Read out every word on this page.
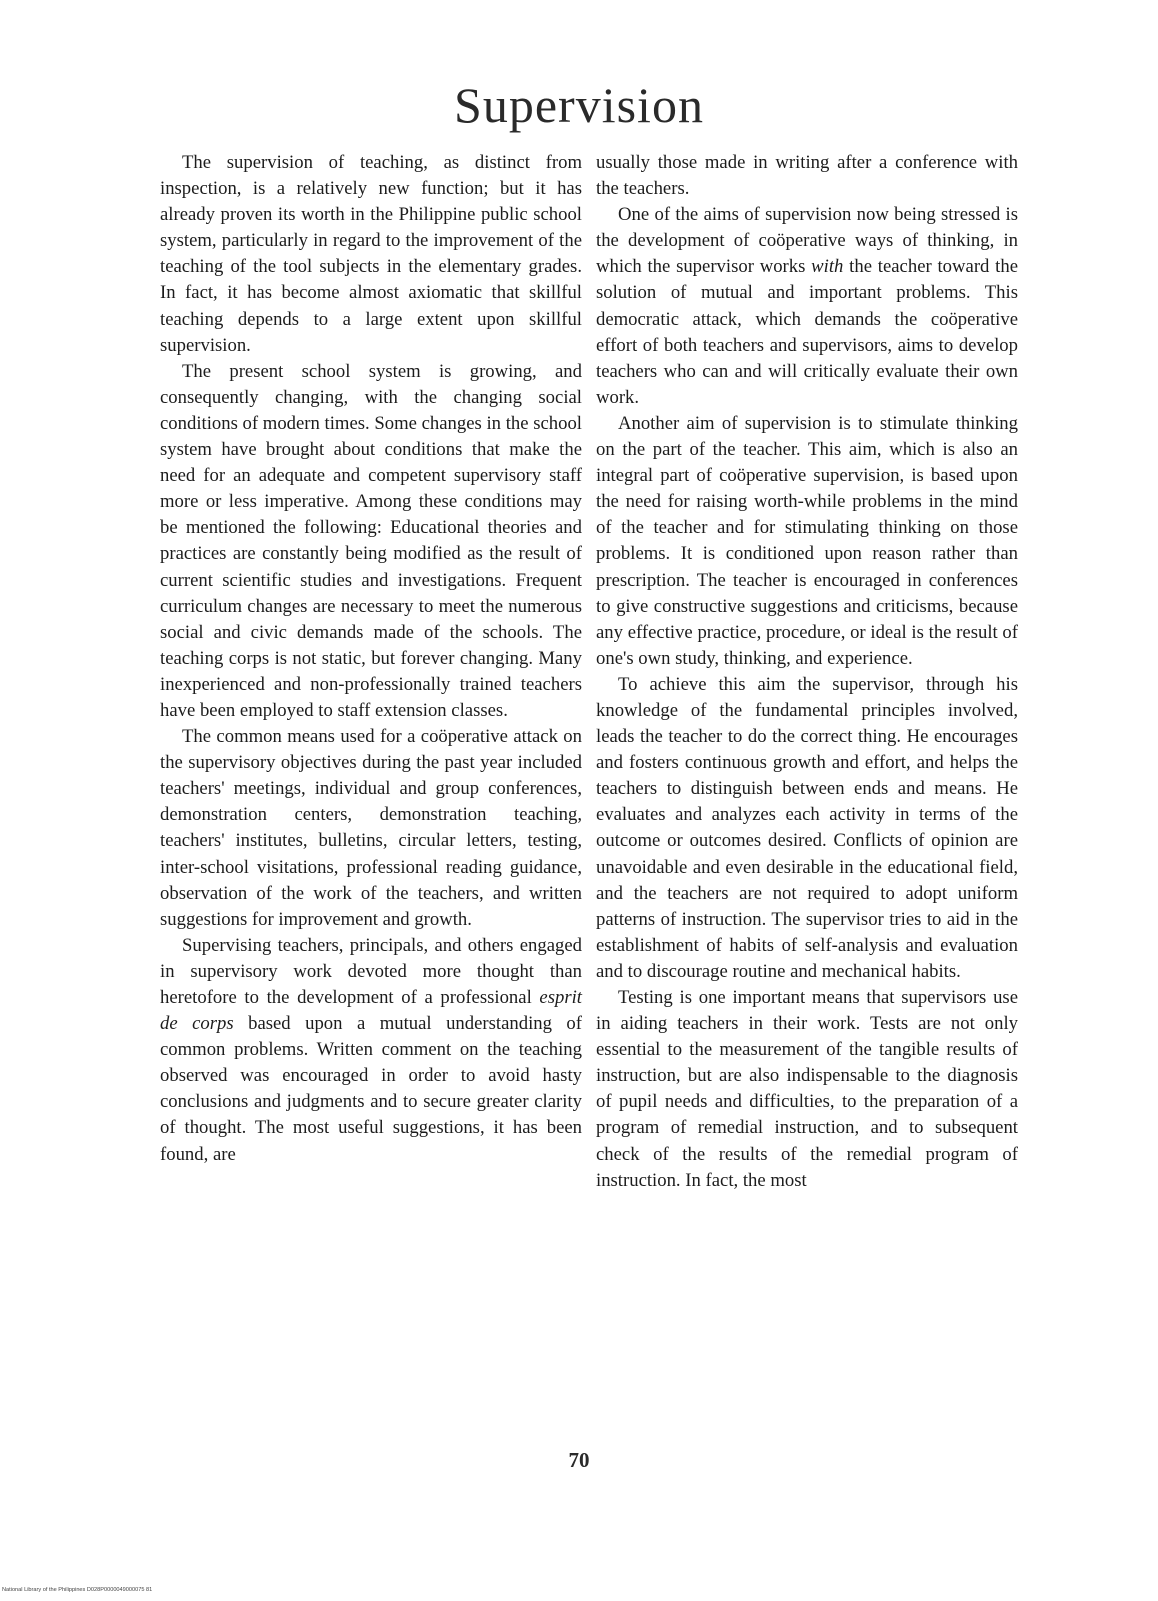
Supervision

The supervision of teaching, as distinct from inspection, is a relatively new function; but it has already proven its worth in the Philippine public school system, particularly in regard to the improvement of the teaching of the tool subjects in the elementary grades. In fact, it has become almost axiomatic that skillful teaching depends to a large extent upon skillful supervision.

The present school system is growing, and consequently changing, with the changing social conditions of modern times. Some changes in the school system have brought about conditions that make the need for an adequate and competent supervisory staff more or less imperative. Among these conditions may be mentioned the following: Educational theories and practices are constantly being modified as the result of current scientific studies and investigations. Frequent curriculum changes are necessary to meet the numerous social and civic demands made of the schools. The teaching corps is not static, but forever changing. Many inexperienced and non-professionally trained teachers have been employed to staff extension classes.

The common means used for a coöperative attack on the supervisory objectives during the past year included teachers' meetings, individual and group conferences, demonstration centers, demonstration teaching, teachers' institutes, bulletins, circular letters, testing, inter-school visitations, professional reading guidance, observation of the work of the teachers, and written suggestions for improvement and growth.

Supervising teachers, principals, and others engaged in supervisory work devoted more thought than heretofore to the development of a professional esprit de corps based upon a mutual understanding of common problems. Written comment on the teaching observed was encouraged in order to avoid hasty conclusions and judgments and to secure greater clarity of thought. The most useful suggestions, it has been found, are

usually those made in writing after a conference with the teachers.

One of the aims of supervision now being stressed is the development of coöperative ways of thinking, in which the supervisor works with the teacher toward the solution of mutual and important problems. This democratic attack, which demands the coöperative effort of both teachers and supervisors, aims to develop teachers who can and will critically evaluate their own work.

Another aim of supervision is to stimulate thinking on the part of the teacher. This aim, which is also an integral part of coöperative supervision, is based upon the need for raising worth-while problems in the mind of the teacher and for stimulating thinking on those problems. It is conditioned upon reason rather than prescription. The teacher is encouraged in conferences to give constructive suggestions and criticisms, because any effective practice, procedure, or ideal is the result of one's own study, thinking, and experience.

To achieve this aim the supervisor, through his knowledge of the fundamental principles involved, leads the teacher to do the correct thing. He encourages and fosters continuous growth and effort, and helps the teachers to distinguish between ends and means. He evaluates and analyzes each activity in terms of the outcome or outcomes desired. Conflicts of opinion are unavoidable and even desirable in the educational field, and the teachers are not required to adopt uniform patterns of instruction. The supervisor tries to aid in the establishment of habits of self-analysis and evaluation and to discourage routine and mechanical habits.

Testing is one important means that supervisors use in aiding teachers in their work. Tests are not only essential to the measurement of the tangible results of instruction, but are also indispensable to the diagnosis of pupil needs and difficulties, to the preparation of a program of remedial instruction, and to subsequent check of the results of the remedial program of instruction. In fact, the most

70
National Library of the Philippines D028P0000049000075 81
